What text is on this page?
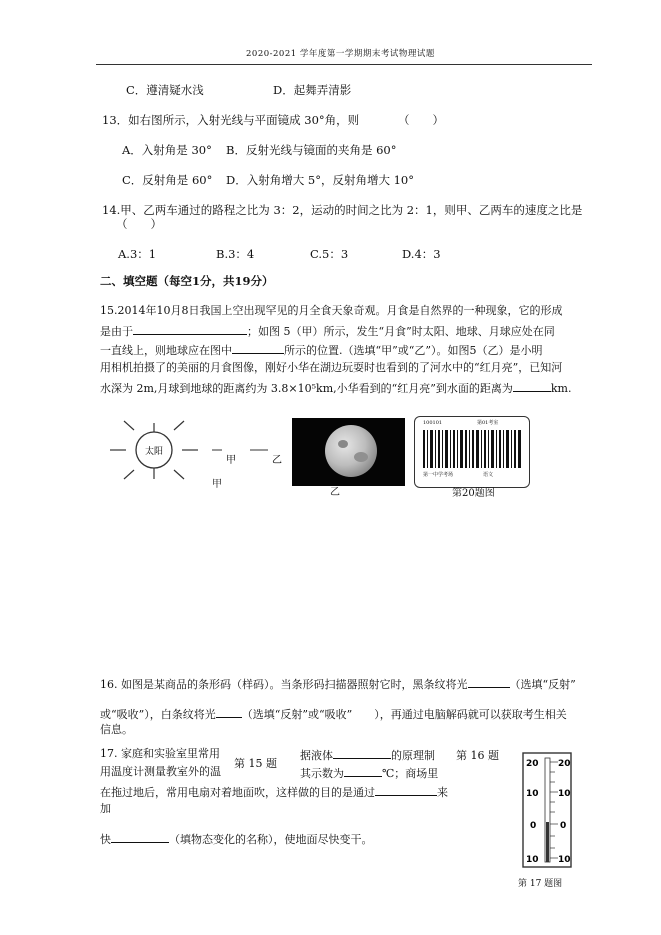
2020-2021 学年度第一学期期末考试物理试题
C．遵清疑水浅	D．起舞弄清影
13．如右图所示，入射光线与平面镜成 30°角，则	（　　）
A．入射角是 30° B．反射光线与镜面的夹角是 60°
C．反射角是 60° D．入射角增大 5°，反射角增大 10°
14.甲、乙两车通过的路程之比为 3：2，运动的时间之比为 2：1，则甲、乙两车的速度之比是
（　　）
A.3：1	B.3：4	C.5：3	D.4：3
二、填空题（每空1分，共19分）
15.2014年10月8日我国上空出现罕见的月全食天象奇观。月食是自然界的一种现象，它的形成
是由于	；如图 5（甲）所示，发生“月食”时太阳、地球、月球应处在同
一直线上，则地球应在图中	所示的位置.（选填“甲”或“乙”）。如图5（乙）是小明
用相机拍摄了的美丽的月食图像，刚好小华在湖边玩耍时也看到的了河水中的“红月亮”，已知河
水深为 2m,月球到地球的距离约为 3.8×10⁵km,小华看到的“红月亮”到水面的距离为	km.
太阳
甲	乙
甲
乙
100101	第01考室
第一中学考场	语文
第20题图
16. 如图是某商品的条形码（样码）。当条形码扫描器照射它时，黑条纹将光	（选填“反射”
或“吸收”），白条纹将光 （选填“反射”或“吸收”　　），再通过电脑解码就可以获取考生相关
信息。
17. 家庭和实验室里常用	据液体	的原理制 第 16 题
第 15 题
用温度计测量教室外的温	其示数为	℃；商场里
在拖过地后，常用电扇对着地面吹，这样做的目的是通过	来
加
快	（填物态变化的名称），使地面尽快变干。
20
10
0
10
20
10
0
10
第 17 题图
